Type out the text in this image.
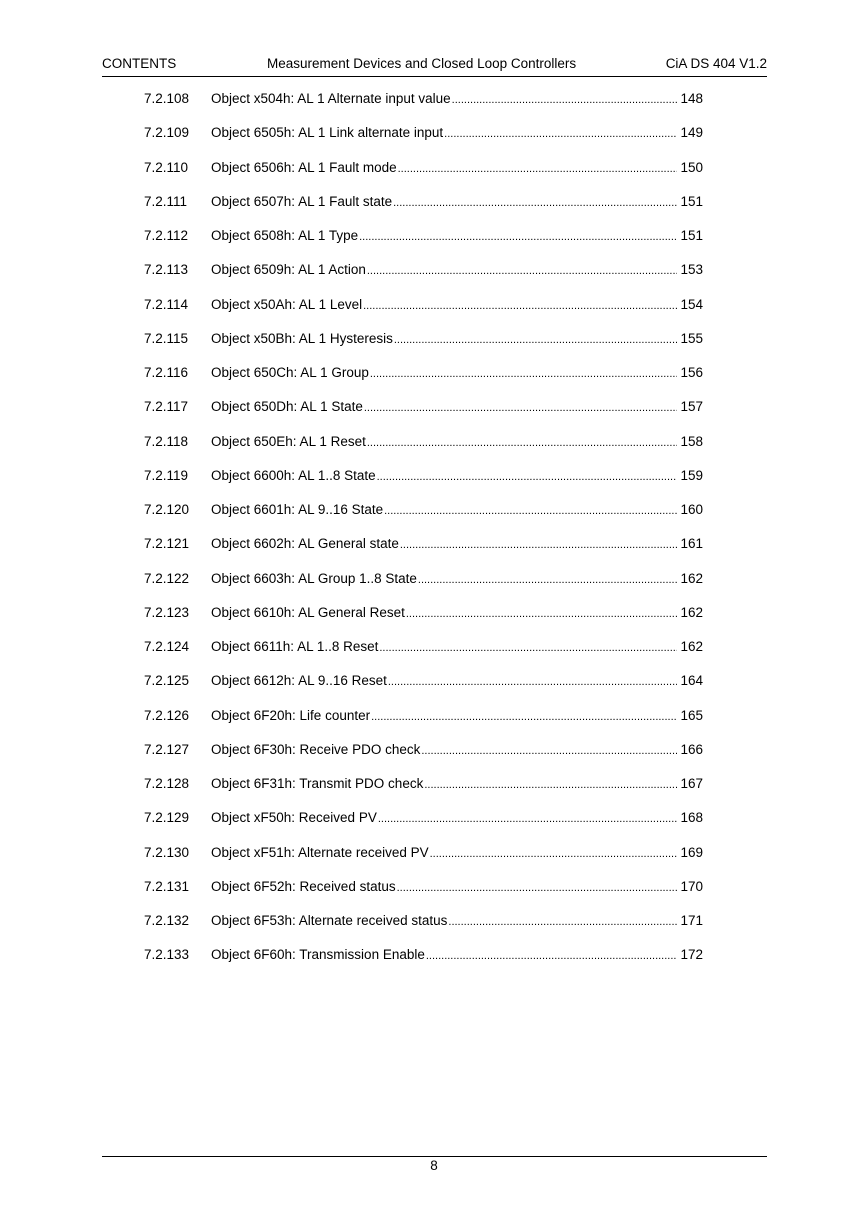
CONTENTS	Measurement Devices and Closed Loop Controllers	CiA DS 404 V1.2
7.2.108 Object x504h: AL 1 Alternate input value .....	148
7.2.109 Object 6505h: AL 1 Link alternate input .....	149
7.2.110 Object 6506h: AL 1 Fault mode .....	150
7.2.111 Object 6507h: AL 1 Fault state .....	151
7.2.112 Object 6508h: AL 1 Type .....	151
7.2.113 Object 6509h: AL 1 Action .....	153
7.2.114 Object x50Ah: AL 1 Level .....	154
7.2.115 Object x50Bh: AL 1 Hysteresis .....	155
7.2.116 Object 650Ch: AL 1 Group .....	156
7.2.117 Object 650Dh: AL 1 State .....	157
7.2.118 Object 650Eh: AL 1 Reset .....	158
7.2.119 Object 6600h: AL 1..8 State .....	159
7.2.120 Object 6601h: AL 9..16 State .....	160
7.2.121 Object 6602h: AL General state .....	161
7.2.122 Object 6603h: AL Group 1..8 State .....	162
7.2.123 Object 6610h: AL General Reset .....	162
7.2.124 Object 6611h: AL 1..8 Reset .....	162
7.2.125 Object 6612h: AL 9..16 Reset .....	164
7.2.126 Object 6F20h: Life counter .....	165
7.2.127 Object 6F30h: Receive PDO check .....	166
7.2.128 Object 6F31h: Transmit PDO check .....	167
7.2.129 Object xF50h: Received PV .....	168
7.2.130 Object xF51h: Alternate received PV .....	169
7.2.131 Object 6F52h: Received status .....	170
7.2.132 Object 6F53h: Alternate received status .....	171
7.2.133 Object 6F60h: Transmission Enable .....	172
8
